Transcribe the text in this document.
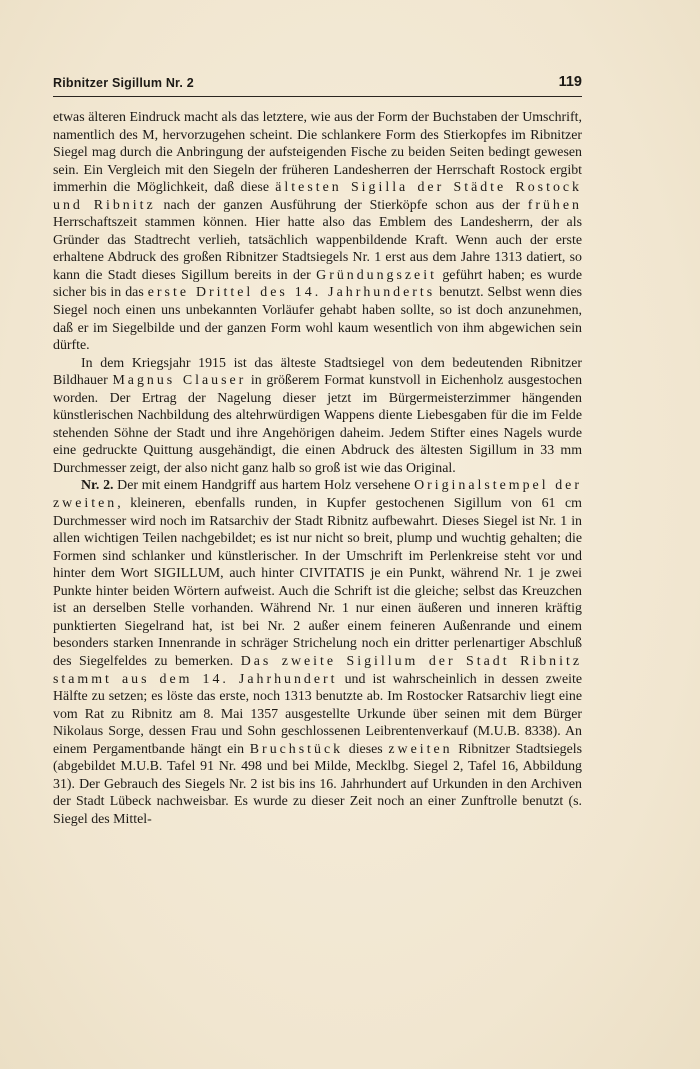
Ribnitzer Sigillum Nr. 2	119

etwas älteren Eindruck macht als das letztere, wie aus der Form der Buchstaben der Umschrift, namentlich des M, hervorzugehen scheint. Die schlankere Form des Stierkopfes im Ribnitzer Siegel mag durch die Anbringung der aufsteigenden Fische zu beiden Seiten bedingt gewesen sein. Ein Vergleich mit den Siegeln der früheren Landesherren der Herrschaft Rostock ergibt immerhin die Möglichkeit, daß diese ältesten Sigilla der Städte Rostock und Ribnitz nach der ganzen Ausführung der Stierköpfe schon aus der frühen Herrschaftszeit stammen können. Hier hatte also das Emblem des Landesherrn, der als Gründer das Stadtrecht verlieh, tatsächlich wappenbildende Kraft. Wenn auch der erste erhaltene Abdruck des großen Ribnitzer Stadtsiegels Nr. 1 erst aus dem Jahre 1313 datiert, so kann die Stadt dieses Sigillum bereits in der Gründungszeit geführt haben; es wurde sicher bis in das erste Drittel des 14. Jahrhunderts benutzt. Selbst wenn dies Siegel noch einen uns unbekannten Vorläufer gehabt haben sollte, so ist doch anzunehmen, daß er im Siegelbilde und der ganzen Form wohl kaum wesentlich von ihm abgewichen sein dürfte.

In dem Kriegsjahr 1915 ist das älteste Stadtsiegel von dem bedeutenden Ribnitzer Bildhauer Magnus Clauser in größerem Format kunstvoll in Eichenholz ausgestochen worden. Der Ertrag der Nagelung dieser jetzt im Bürgermeisterzimmer hängenden künstlerischen Nachbildung des altehrwürdigen Wappens diente Liebesgaben für die im Felde stehenden Söhne der Stadt und ihre Angehörigen daheim. Jedem Stifter eines Nagels wurde eine gedruckte Quittung ausgehändigt, die einen Abdruck des ältesten Sigillum in 33 mm Durchmesser zeigt, der also nicht ganz halb so groß ist wie das Original.

Nr. 2. Der mit einem Handgriff aus hartem Holz versehene Originalstempel der zweiten, kleineren, ebenfalls runden, in Kupfer gestochenen Sigillum von 61 cm Durchmesser wird noch im Ratsarchiv der Stadt Ribnitz aufbewahrt. Dieses Siegel ist Nr. 1 in allen wichtigen Teilen nachgebildet; es ist nur nicht so breit, plump und wuchtig gehalten; die Formen sind schlanker und künstlerischer. In der Umschrift im Perlenkreise steht vor und hinter dem Wort SIGILLUM, auch hinter CIVITATIS je ein Punkt, während Nr. 1 je zwei Punkte hinter beiden Wörtern aufweist. Auch die Schrift ist die gleiche; selbst das Kreuzchen ist an derselben Stelle vorhanden. Während Nr. 1 nur einen äußeren und inneren kräftig punktierten Siegelrand hat, ist bei Nr. 2 außer einem feineren Außenrande und einem besonders starken Innenrande in schräger Strichelung noch ein dritter perlenartiger Abschluß des Siegelfeldes zu bemerken. Das zweite Sigillum der Stadt Ribnitz stammt aus dem 14. Jahrhundert und ist wahrscheinlich in dessen zweite Hälfte zu setzen; es löste das erste, noch 1313 benutzte ab. Im Rostocker Ratsarchiv liegt eine vom Rat zu Ribnitz am 8. Mai 1357 ausgestellte Urkunde über seinen mit dem Bürger Nikolaus Sorge, dessen Frau und Sohn geschlossenen Leibrentenverkauf (M.U.B. 8338). An einem Pergamentbande hängt ein Bruchstück dieses zweiten Ribnitzer Stadtsiegels (abgebildet M.U.B. Tafel 91 Nr. 498 und bei Milde, Mecklbg. Siegel 2, Tafel 16, Abbildung 31). Der Gebrauch des Siegels Nr. 2 ist bis ins 16. Jahrhundert auf Urkunden in den Archiven der Stadt Lübeck nachweisbar. Es wurde zu dieser Zeit noch an einer Zunftrolle benutzt (s. Siegel des Mittel-
